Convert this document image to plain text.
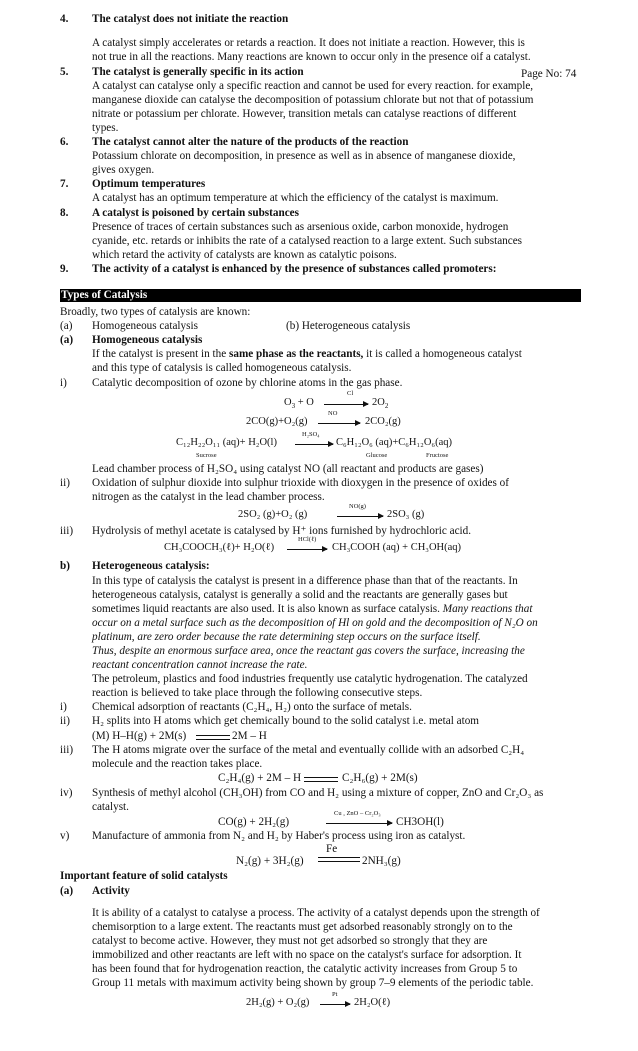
4. The catalyst does not initiate the reaction
A catalyst simply accelerates or retards a reaction. It does not initiate a reaction. However, this is
not true in all the reactions. Many reactions are known to occur only in the presence oif a catalyst.
5. The catalyst is generally specific in its action	Page No: 74
A catalyst can catalyse only a specific reaction and cannot be used for every reaction. for example,
manganese dioxide can catalyse the decomposition of potassium chlorate but not that of potassium
nitrate or potassium per chlorate. However, transition metals can catalyse reactions of different
types.
6. The catalyst cannot alter the nature of the products of the reaction
Potassium chlorate on decomposition, in presence as well as in absence of manganese dioxide,
gives oxygen.
7. Optimum temperatures
A catalyst has an optimum temperature at which the efficiency of the catalyst is maximum.
8. A catalyst is poisoned by certain substances
Presence of traces of certain substances such as arsenious oxide, carbon monoxide, hydrogen
cyanide, etc. retards or inhibits the rate of a catalysed reaction to a large extent. Such substances
which retard the activity of catalysts are known as catalytic poisons.
9. The activity of a catalyst is enhanced by the presence of substances called promoters:
Types of Catalysis
Broadly, two types of catalysis are known:
(a) Homogeneous catalysis	(b) Heterogeneous catalysis
(a) Homogeneous catalysis
If the catalyst is present in the same phase as the reactants, it is called a homogeneous catalyst
and this type of catalysis is called homogeneous catalysis.
i) Catalytic decomposition of ozone by chlorine atoms in the gas phase.
$O_3 + O$
Cl
→ $2O_2$
2CO(g)+O₂(g)
NO
→ 2CO₂(g)
C₁₂H₂₂O₁₁ (aq)+ H₂O(l)
H₂SO₄
→ C₆H₁₂O₆ (aq)+C₆H₁₂O₆(aq)
Sucrose	Glucose	Fructose
Lead chamber process of H₂SO₄ using catalyst NO (all reactant and products are gases)
ii) Oxidation of sulphur dioxide into sulphur trioxide with dioxygen in the presence of oxides of
nitrogen as the catalyst in the lead chamber process.
2SO₂ (g)+O₂ (g)
NO(g)
→ 2SO₃ (g)
iii) Hydrolysis of methyl acetate is catalysed by H⁺ ions furnished by hydrochloric acid.
CH₃COOCH₃(ℓ)+ H₂O(ℓ)
HCl(ℓ)
→ CH₃COOH (aq) + CH₃OH(aq)
b) Heterogeneous catalysis:
In this type of catalysis the catalyst is present in a difference phase than that of the reactants. In
heterogeneous catalysis, catalyst is generally a solid and the reactants are generally gases but
sometimes liquid reactants are also used. It is also known as surface catalysis. Many reactions that
occur on a metal surface such as the decomposition of Hl on gold and the decomposition of N₂O on
platinum, are zero order because the rate determining step occurs on the surface itself.
Thus, despite an enormous surface area, once the reactant gas covers the surface, increasing the
reactant concentration cannot increase the rate.
The petroleum, plastics and food industries frequently use catalytic hydrogenation. The catalyzed
reaction is believed to take place through the following consecutive steps.
i) Chemical adsorption of reactants (C₂H₄, H₂) onto the surface of metals.
ii) H₂ splits into H atoms which get chemically bound to the solid catalyst i.e. metal atom
(M) H–H(g) + 2M(s)	2M – H
iii) The H atoms migrate over the surface of the metal and eventually collide with an adsorbed C₂H₄
molecule and the reaction takes place.
C₂H₄(g) + 2M – H	C₂H₆(g) + 2M(s)
iv) Synthesis of methyl alcohol (CH₃OH) from CO and H₂ using a mixture of copper, ZnO and Cr₂O₃ as
catalyst.
CO(g) + 2H₂(g)
Cu , ZnO – Cr₂O₃
CH3OH(l)
v) Manufacture of ammonia from N₂ and H₂ by Haber's process using iron as catalyst.
Fe
N₂(g) + 3H₂(g)	2NH₃(g)
Important feature of solid catalysts
(a) Activity
It is ability of a catalyst to catalyse a process. The activity of a catalyst depends upon the strength of
chemisorption to a large extent. The reactants must get adsorbed reasonably strongly on to the
catalyst to become active. However, they must not get adsorbed so strongly that they are
immobilized and other reactants are left with no space on the catalyst's surface for adsorption. It
has been found that for hydrogenation reaction, the catalytic activity increases from Group 5 to
Group 11 metals with maximum activity being shown by group 7–9 elements of the periodic table.
2H₂(g) + O₂(g)
Pt
→ 2H₂O(ℓ)
